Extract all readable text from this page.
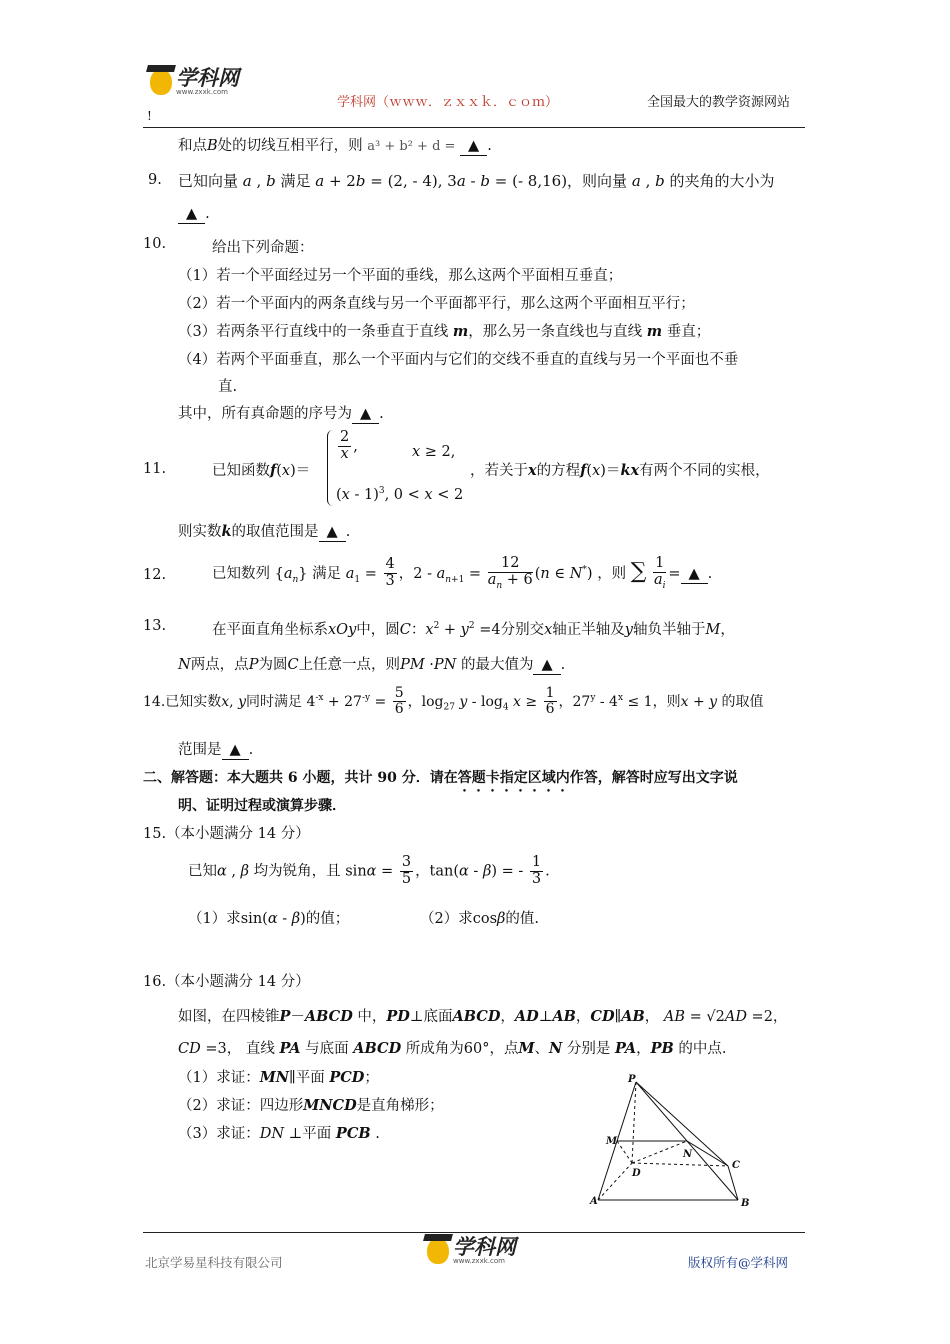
学科网
www.zxxk.com
学科网（ｗｗｗ．ｚｘｘｋ．ｃｏｍ）	全国最大的教学资源网站
!
和点B处的切线互相平行，则 a³ + b² + d = ▲ .
9. 已知向量 a , b 满足 a + 2b = (2, - 4), 3a - b = (- 8,16)，则向量 a , b 的夹角的大小为
▲ .
10.	给出下列命题：
（1）若一个平面经过另一个平面的垂线，那么这两个平面相互垂直；
（2）若一个平面内的两条直线与另一个平面都平行，那么这两个平面相互平行；
（3）若两条平行直线中的一条垂直于直线 m，那么另一条直线也与直线 m 垂直；
（4）若两个平面垂直，那么一个平面内与它们的交线不垂直的直线与另一个平面也不垂
直.
其中，所有真命题的序号为 ▲ .
11.	已知函数f(x)＝
$\frac{2}{x}$ ,	x ≥ 2,
(x - 1)$^3$, 0 < x < 2
，若关于x的方程f(x)＝kx有两个不同的实根，
则实数k的取值范围是 ▲ .
12.	已知数列 $\{a_n\}$ 满足 $a_1 = \frac{4}{3}$ ，$2 - a_{n+1} = \frac{12}{a_n + 6} (n$ ∈ N*) ，则 ∑ $\frac{1}{a_i}$ = ▲ .
13.	在平面直角坐标系xOy中，圆C：$x^2 + y^2 =4$分别交x轴正半轴及y轴负半轴于M，
N两点，点P为圆C上任意一点，则PM ·PN 的最大值为 ▲ .
14.已知实数x, y同时满足 $4^{-x} + 27^{-y} = \frac{5}{6}$ ，$\log_{27} y - \log_4 x \ge \frac{1}{6}$ ，$27^y - 4^x \le 1$，则x + y 的取值
范围是 ▲ .
二、解答题：本大题共 6 小题，共计 90 分．请在答题卡指定区域内作答，解答时应写出文字说
明、证明过程或演算步骤．
15.（本小题满分 14 分）
已知α , β 均为锐角，且 $\sin\alpha = \frac{3}{5}$ ，tan(α - β) = - $\frac{1}{3}$ .
（1）求sin(α - β)的值；	（2）求cosβ的值.
16.（本小题满分 14 分）
如图，在四棱锥P－ABCD 中，PD⊥底面ABCD，AD⊥AB，CD∥AB， AB = √2AD =2，
CD =3， 直线 PA 与底面 ABCD 所成角为60°，点M、N 分别是 PA，PB 的中点.
（1）求证：MN∥平面 PCD；
（2）求证：四边形MNCD是直角梯形；
（3）求证：DN ⊥平面 PCB .
P
M
N
C
D
A	B
北京学易星科技有限公司
学科网
www.zxxk.com	版权所有@学科网
